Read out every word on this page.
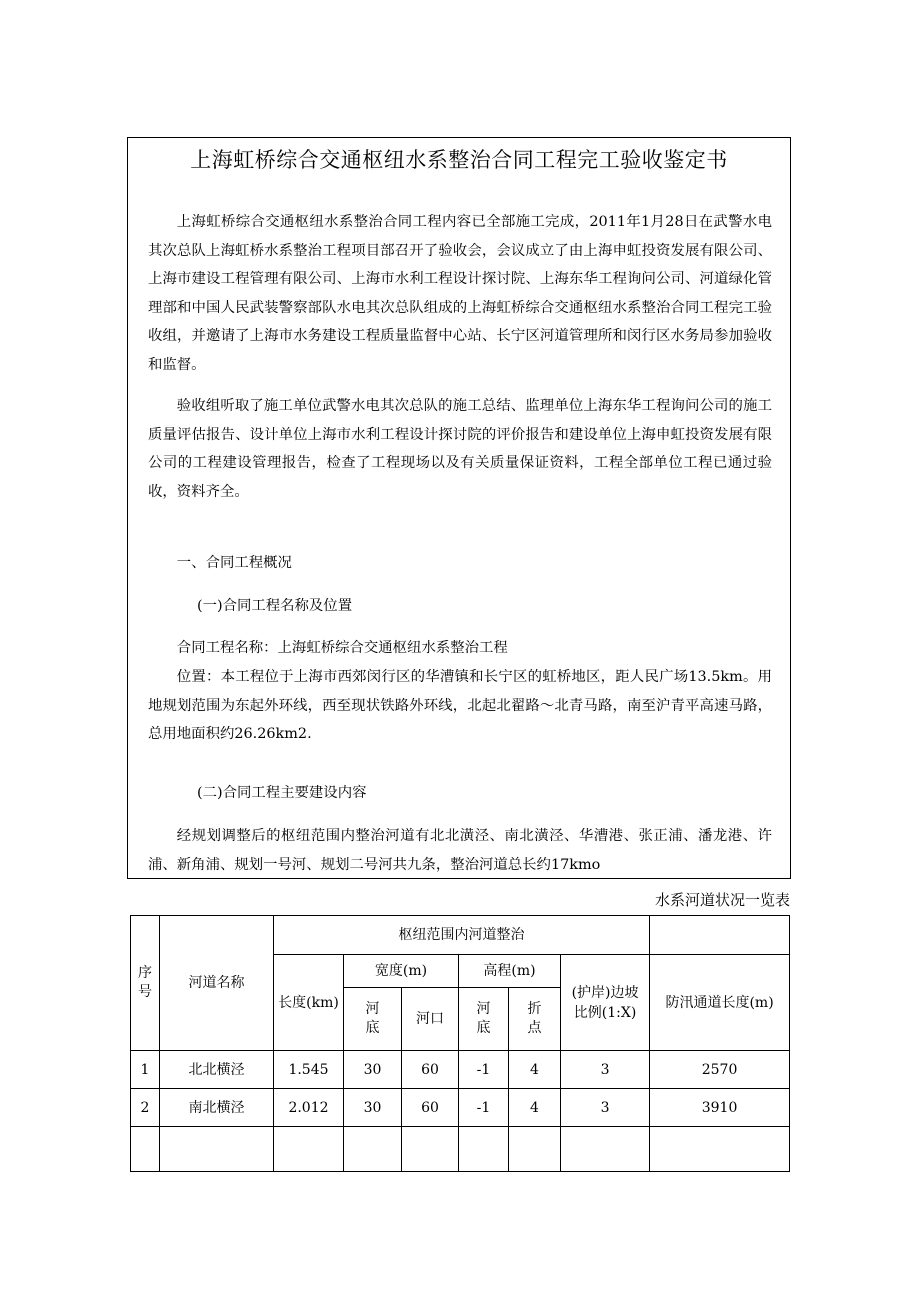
上海虹桥综合交通枢纽水系整治合同工程完工验收鉴定书

上海虹桥综合交通枢纽水系整治合同工程内容已全部施工完成，2011年1月28日在武警水电其次总队上海虹桥水系整治工程项目部召开了验收会，会议成立了由上海申虹投资发展有限公司、上海市建设工程管理有限公司、上海市水利工程设计探讨院、上海东华工程询问公司、河道绿化管理部和中国人民武装警察部队水电其次总队组成的上海虹桥综合交通枢纽水系整治合同工程完工验收组，并邀请了上海市水务建设工程质量监督中心站、长宁区河道管理所和闵行区水务局参加验收和监督。

验收组听取了施工单位武警水电其次总队的施工总结、监理单位上海东华工程询问公司的施工质量评估报告、设计单位上海市水利工程设计探讨院的评价报告和建设单位上海申虹投资发展有限公司的工程建设管理报告，检查了工程现场以及有关质量保证资料，工程全部单位工程已通过验收，资料齐全。

一、合同工程概况
(一)合同工程名称及位置
合同工程名称：上海虹桥综合交通枢纽水系整治工程

位置：本工程位于上海市西郊闵行区的华漕镇和长宁区的虹桥地区，距人民广场13.5km。用地规划范围为东起外环线，西至现状铁路外环线，北起北翟路～北青马路，南至沪青平高速马路，总用地面积约26.26km2.

(二)合同工程主要建设内容

经规划调整后的枢纽范围内整治河道有北北潢泾、南北潢泾、华漕港、张正浦、潘龙港、许浦、新角浦、规划一号河、规划二号河共九条，整治河道总长约17kmo

水系河道状况一览表
序号	河道名称	枢纽范围内河道整治						
		长度(km)	宽度(m)		高程(m)		(护岸)边坡比例(1:X)	防汛通道长度(m)
			河底	河口	河底	折点		
1	北北横泾	1.545	30	60	-1	4	3	2570
2	南北横泾	2.012	30	60	-1	4	3	3910
